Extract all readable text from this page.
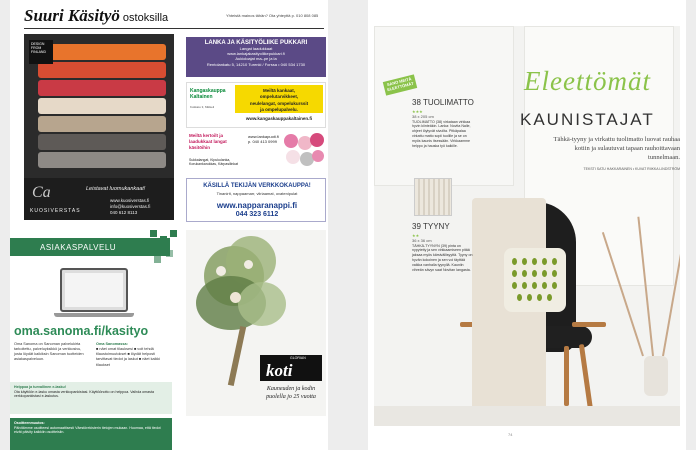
Suuri Käsityö ostoksilla	Yhteistä mainos tähän? Ota yhteyttä p. 010 808 085
DESIGN FROM FINLAND
Ca
KUOSIVERSTAS
Leistavat luomukankaat!
www.kuosiverstas.fi
info@kuosiverstas.fi
040 612 8113
LANKA JA KÄSITYÖLIIKE PUKKARI
Langat laadukkaat
www.lankajakasityoliikepukkari.fi
Aukioloajat ma–pe ja la
Rentolankatu 5, 14210 Turenki / Forssa • 040 534 1730
Kangaskauppa Kaltainen
Kotikatu 3, Mikkeli
Meiltä kankaat,
ompelutarvikkeet,
neulelangat, ompelukurssit
ja ompelupalvelu.
www.kangaskauppakaltainen.fi
Meiltä kertoilt ja laadukkaat langat käsitöihin
www.lankapuoti.fi p. 040 413 0999
Sukkalangat, Kipukulanka, Korukankarukkas, Kärpasilinkat
KÄSILLÄ TEKIJÄN VERKKOKAUPPA!
Tinanirit, nappaamarr, viiriaamat, ovatenipulat
www.napparanappi.fi
044 323 6112
ASIAKASPALVELU
oma.sanoma.fi/kasityo
Oma Sanoma on Sanoman palvelukirta tarkoitettu, palveluyksikkö ja verkkosivu, josta löydät kaikiksin Sanoman tuotteiden asiakaspalveluun.
Oma Sanomassa:
■ näet omat tilauksesi ■ voit tehdä tilaustoimuutokset ■ löydät helposti tarvittavat tiedot ja laskut ■ näet kaikki tilaukset
Helppoa ja turvallinen e-lasku!
Ota käyttöön e-lasku omasta verkkopankistasi. Käyttöönotto on helppoa. Vaihda omasta verkkopankistasi e-laskutus.
Osoitteenmuutos:
Päivitämme osoitteesi automaattisesti Väestörekisterin tietojen mukaan. Huomaa, että tiedot eivät päivity kaikkiin osoitteisiin.
GLORIAN
koti
Kauneuden ja kodin puolella jo 25 vuotta
SANO MEITÄ ELEETTÖMÄT
38 TUOLIMATTO
★★★
38 x 205 cm
TUOLIMATTO (38) virkataan virkkaa hyvin kiinteäkin. Lanka: Novita Nalle, ohjeet löytyvät sivuilta. Pitkäpalaa virkattu matto sopii tuolille ja se on myös kaunis itsessään. Virkkaamme helppo ja hauska työ kaikille.
39 TYYNY
★★
36 x 36 cm
TÄHKÄ-TYYNYN (39) pinta on nypytetty ja sen virkkaamiseen pitää jaksaa myös kärsivällisyyttä. Tyyny on hyvän kokoinen ja sen voi täyttää vaikka vanhalla tyynyllä. Kauniin vihreän sävyn saat Novitan langasta.
Eleettömät
KAUNISTAJAT
Tähkä-tyyny ja virkattu tuolimatto luovat rauhaa kotiin ja sulautuvat tapaan rauhoittavaan tunnelmaan.
TEKSTI SATU HAKKARAINEN • KUVAT RIIKKA LINDSTRÖM
74
